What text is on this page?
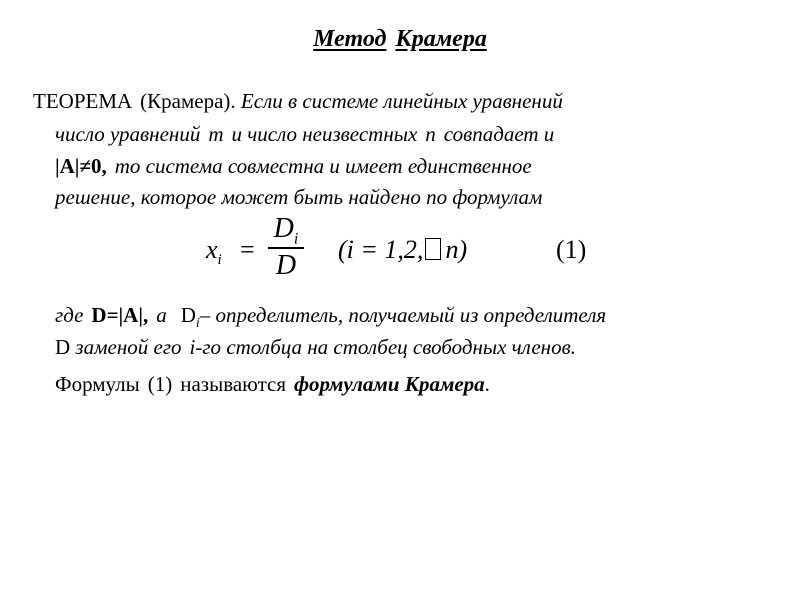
Метод Крамера
ТЕОРЕМА (Крамера). Если в системе линейных уравнений
число уравнений m и число неизвестных n совпадает и
|A|≠0, то система совместна и имеет единственное
решение, которое может быть найдено по формулам
$x_i$ =
$D_i$
D	(i = 1,2, n)	(1)
где D=|A|, а $D_i-$ определитель, получаемый из определителя
D заменой его i-го столбца на столбец свободных членов.
Формулы (1) называются формулами Крамера.
